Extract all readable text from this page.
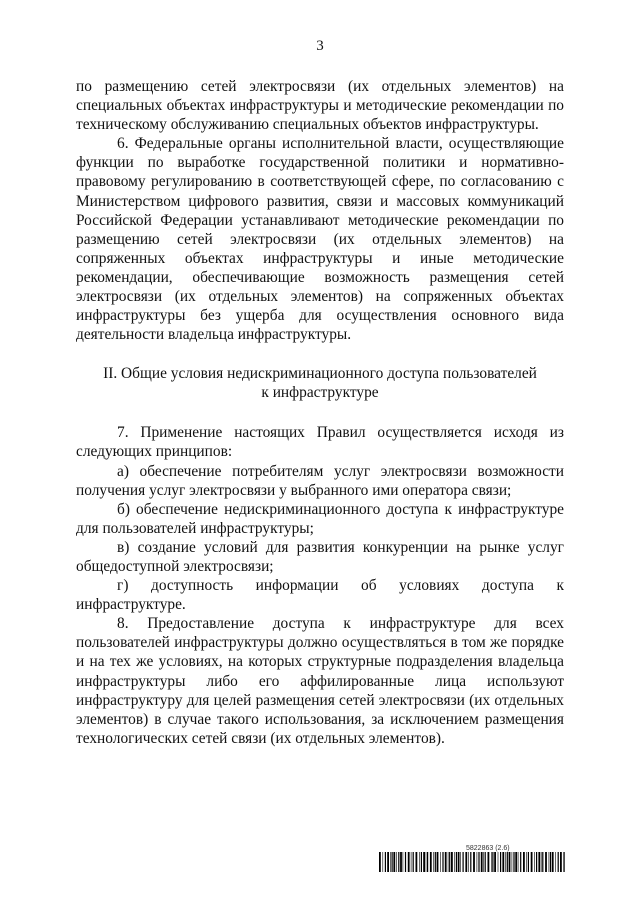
3

по размещению сетей электросвязи (их отдельных элементов) на специальных объектах инфраструктуры и методические рекомендации по техническому обслуживанию специальных объектов инфраструктуры.

6. Федеральные органы исполнительной власти, осуществляющие функции по выработке государственной политики и нормативно-правовому регулированию в соответствующей сфере, по согласованию с Министерством цифрового развития, связи и массовых коммуникаций Российской Федерации устанавливают методические рекомендации по размещению сетей электросвязи (их отдельных элементов) на сопряженных объектах инфраструктуры и иные методические рекомендации, обеспечивающие возможность размещения сетей электросвязи (их отдельных элементов) на сопряженных объектах инфраструктуры без ущерба для осуществления основного вида деятельности владельца инфраструктуры.

II. Общие условия недискриминационного доступа пользователей
к инфраструктуре

7. Применение настоящих Правил осуществляется исходя из следующих принципов:

а) обеспечение потребителям услуг электросвязи возможности получения услуг электросвязи у выбранного ими оператора связи;

б) обеспечение недискриминационного доступа к инфраструктуре для пользователей инфраструктуры;

в) создание условий для развития конкуренции на рынке услуг общедоступной электросвязи;

г) доступность информации об условиях доступа к инфраструктуре.

8. Предоставление доступа к инфраструктуре для всех пользователей инфраструктуры должно осуществляться в том же порядке и на тех же условиях, на которых структурные подразделения владельца инфраструктуры либо его аффилированные лица используют инфраструктуру для целей размещения сетей электросвязи (их отдельных элементов) в случае такого использования, за исключением размещения технологических сетей связи (их отдельных элементов).

5822863 (2.6)
